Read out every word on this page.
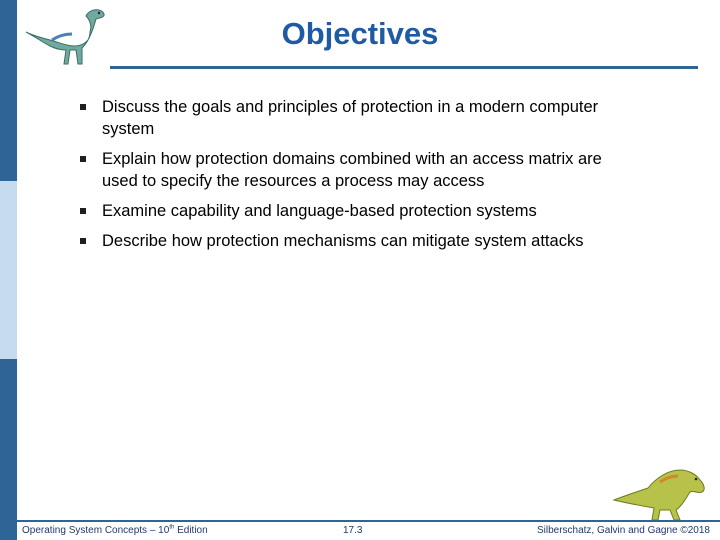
Objectives
Discuss the goals and principles of protection in a modern computer system
Explain how protection domains combined with an access matrix are used to specify the resources a process may access
Examine capability and language-based protection systems
Describe how protection mechanisms can mitigate system attacks
Operating System Concepts – 10th Edition	17.3	Silberschatz, Galvin and Gagne ©2018
